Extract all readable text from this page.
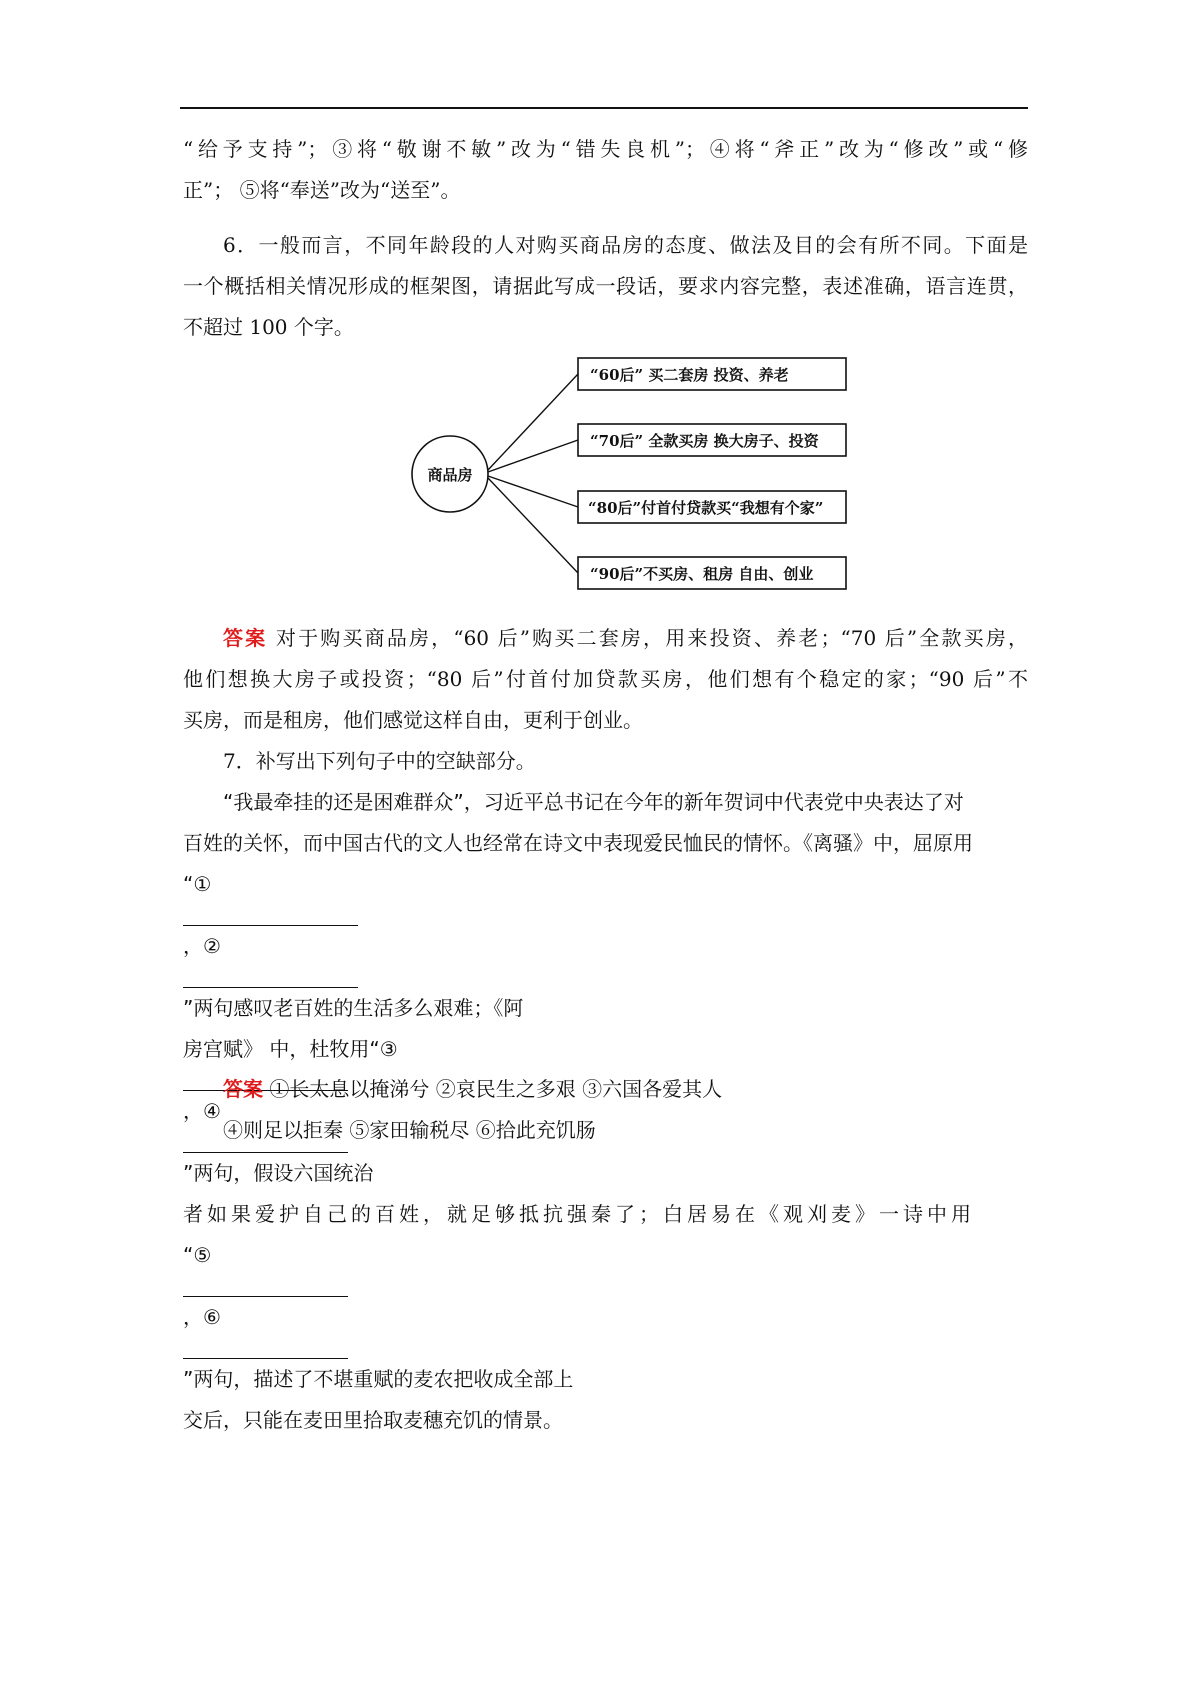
“给予支持”；③将“敬谢不敏”改为“错失良机”；④将“斧正”改为“修改”或“修
正”； ⑤将“奉送”改为“送至”。
6．一般而言，不同年龄段的人对购买商品房的态度、做法及目的会有所不同。下面是
一个概括相关情况形成的框架图，请据此写成一段话，要求内容完整，表述准确，语言连贯，
不超过 100 个字。
商品房
“60后” 买二套房 投资、养老
“70后” 全款买房 换大房子、投资
“80后”付首付贷款买“我想有个家”
“90后”不买房、租房 自由、创业
答案 对于购买商品房，“60 后”购买二套房，用来投资、养老；“70 后”全款买房，
他们想换大房子或投资；“80 后”付首付加贷款买房，他们想有个稳定的家；“90 后”不
买房，而是租房，他们感觉这样自由，更利于创业。
7．补写出下列句子中的空缺部分。
“我最牵挂的还是困难群众”，习近平总书记在今年的新年贺词中代表党中央表达了对
百姓的关怀，而中国古代的文人也经常在诗文中表现爱民恤民的情怀。《离骚》中，屈原用
“①
，②
”两句感叹老百姓的生活多么艰难；《阿
房宫赋》 中，杜牧用“③
，④
”两句，假设六国统治
者如果爱护自己的百姓，就足够抵抗强秦了；白居易在《观刈麦》一诗中用
“⑤
，⑥
”两句，描述了不堪重赋的麦农把收成全部上
交后，只能在麦田里拾取麦穗充饥的情景。
答案 ①长太息以掩涕兮 ②哀民生之多艰 ③六国各爱其人
④则足以拒秦 ⑤家田输税尽 ⑥拾此充饥肠
